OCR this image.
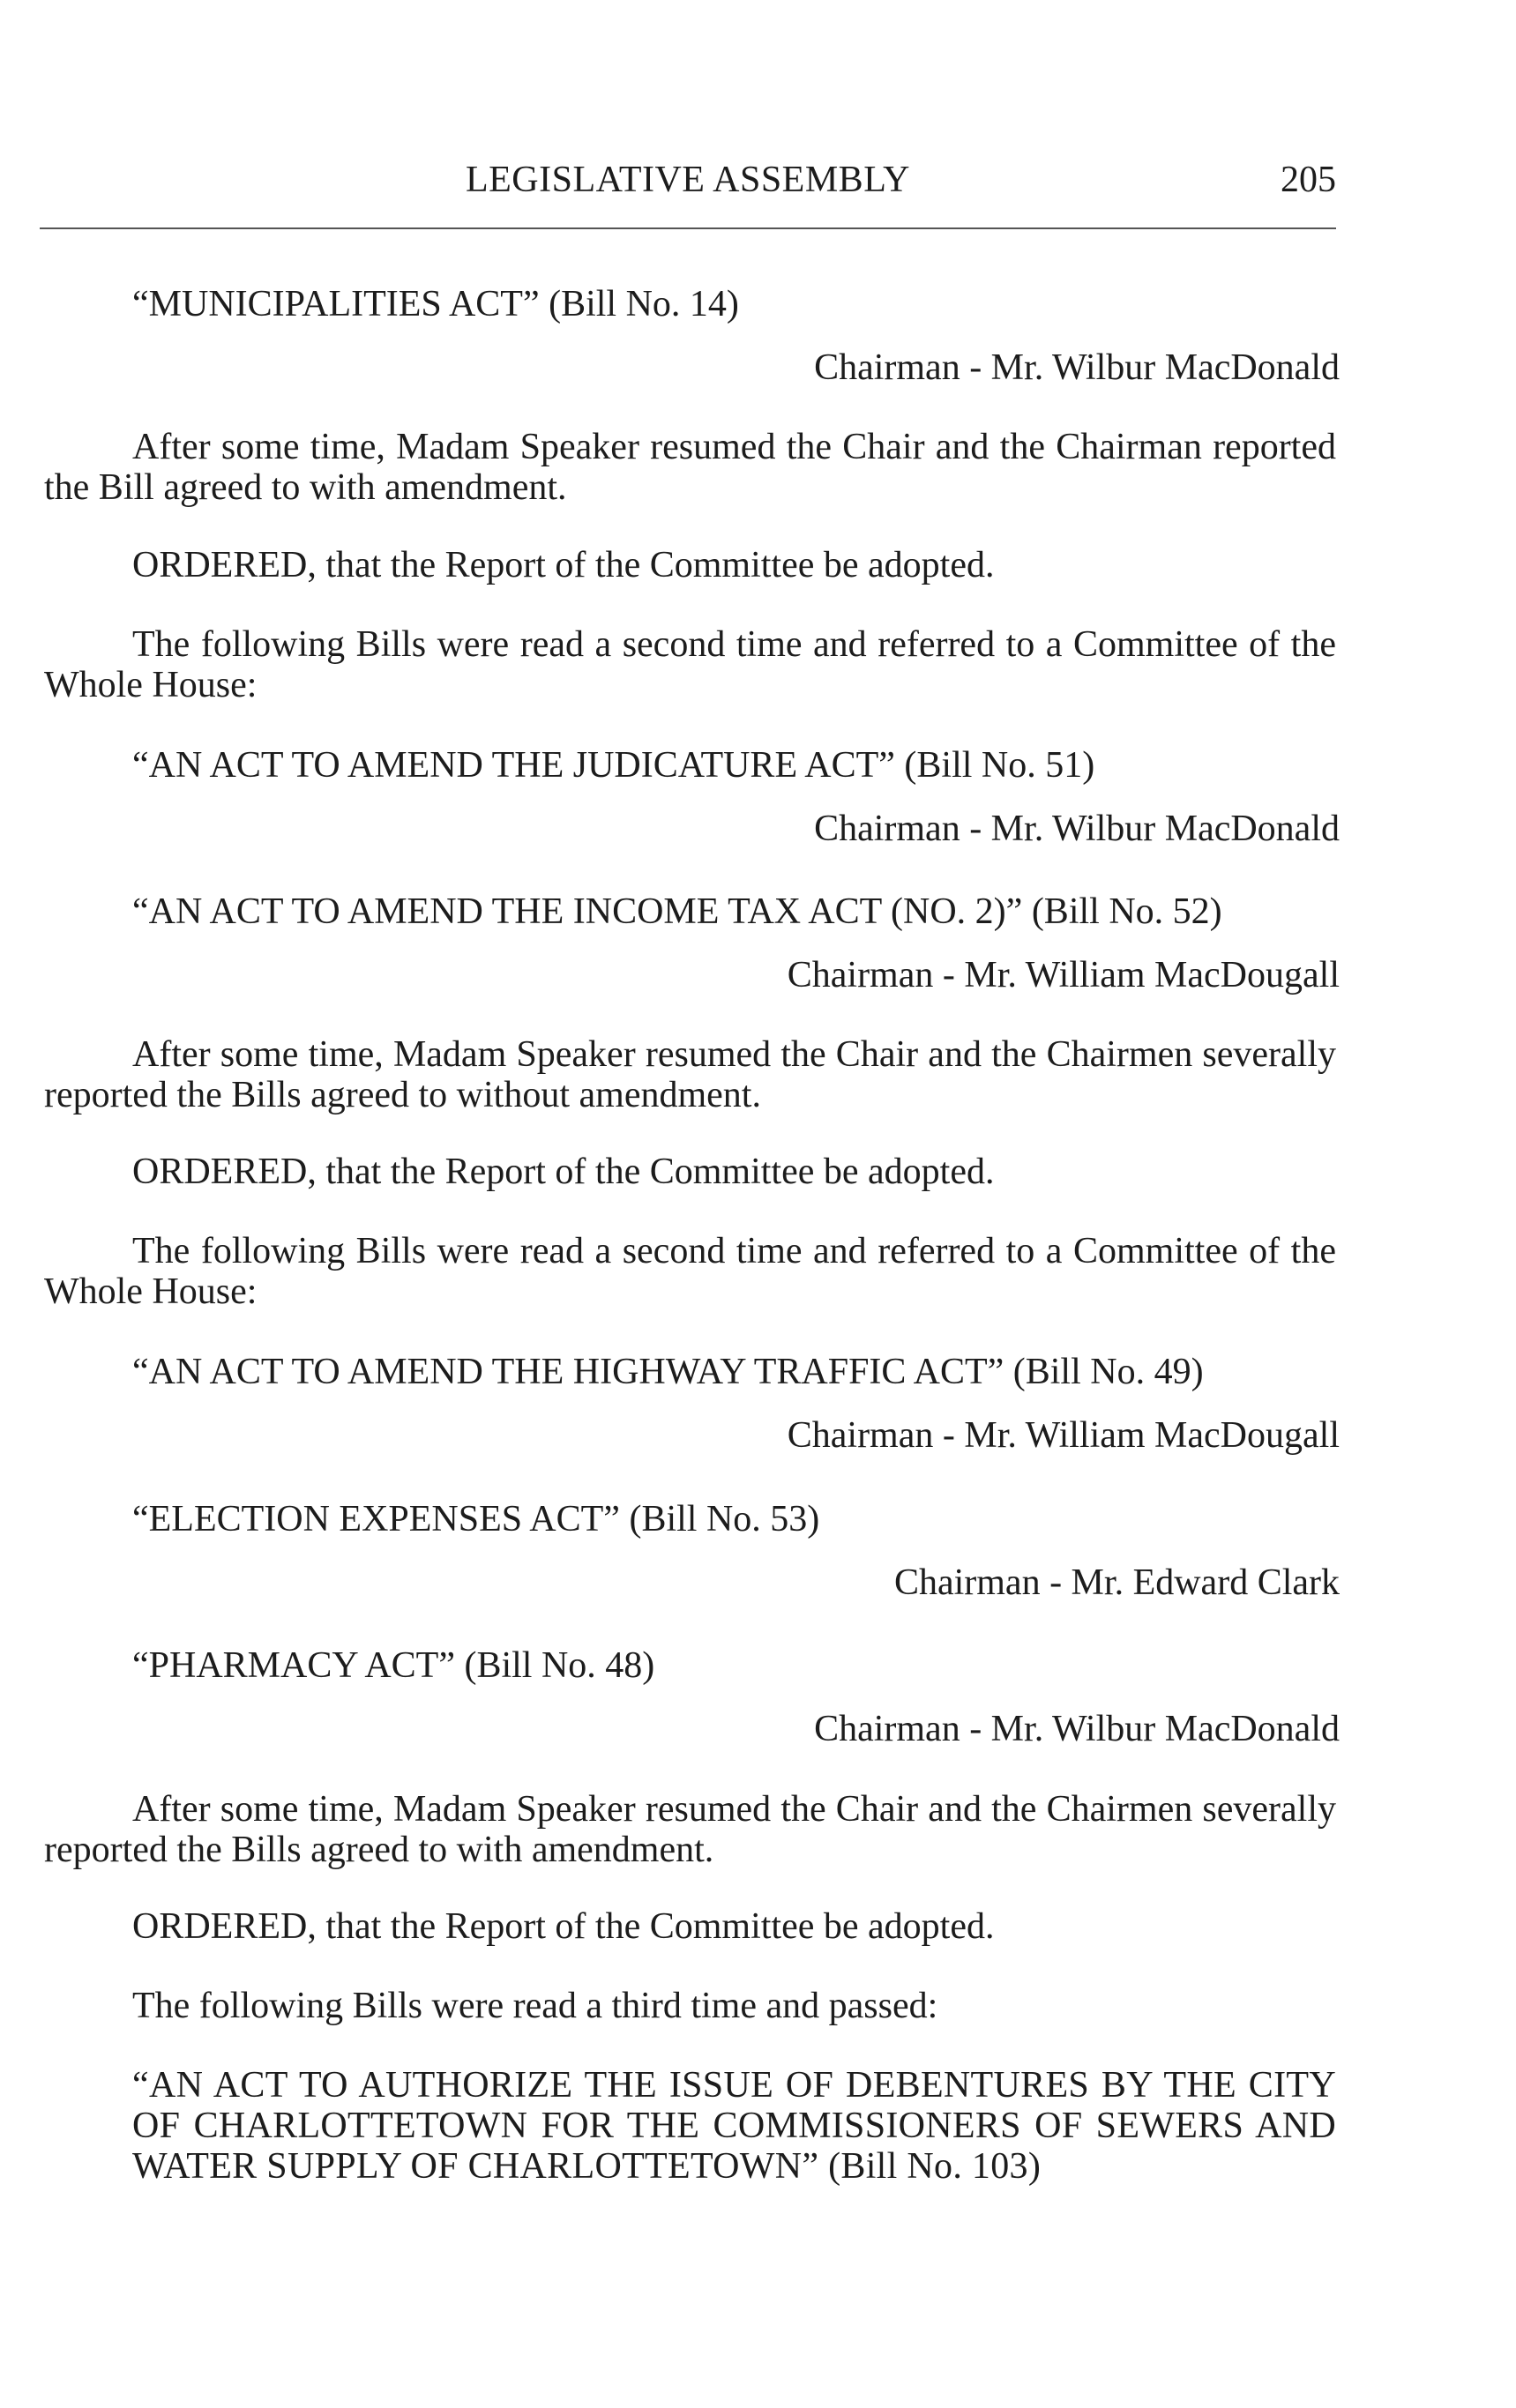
LEGISLATIVE ASSEMBLY	205
“MUNICIPALITIES ACT” (Bill No. 14)
Chairman - Mr. Wilbur MacDonald
After some time, Madam Speaker resumed the Chair and the Chairman reported the Bill agreed to with amendment.
ORDERED, that the Report of the Committee be adopted.
The following Bills were read a second time and referred to a Committee of the Whole House:
“AN ACT TO AMEND THE JUDICATURE ACT” (Bill No. 51)
Chairman - Mr. Wilbur MacDonald
“AN ACT TO AMEND THE INCOME TAX ACT (NO. 2)” (Bill No. 52)
Chairman - Mr. William MacDougall
After some time, Madam Speaker resumed the Chair and the Chairmen severally reported the Bills agreed to without amendment.
ORDERED, that the Report of the Committee be adopted.
The following Bills were read a second time and referred to a Committee of the Whole House:
“AN ACT TO AMEND THE HIGHWAY TRAFFIC ACT” (Bill No. 49)
Chairman - Mr. William MacDougall
“ELECTION EXPENSES ACT” (Bill No. 53)
Chairman - Mr. Edward Clark
“PHARMACY ACT” (Bill No. 48)
Chairman - Mr. Wilbur MacDonald
After some time, Madam Speaker resumed the Chair and the Chairmen severally reported the Bills agreed to with amendment.
ORDERED, that the Report of the Committee be adopted.
The following Bills were read a third time and passed:
“AN ACT TO AUTHORIZE THE ISSUE OF DEBENTURES BY THE CITY OF CHARLOTTETOWN FOR THE COMMISSIONERS OF SEWERS AND WATER SUPPLY OF CHARLOTTETOWN” (Bill No. 103)
